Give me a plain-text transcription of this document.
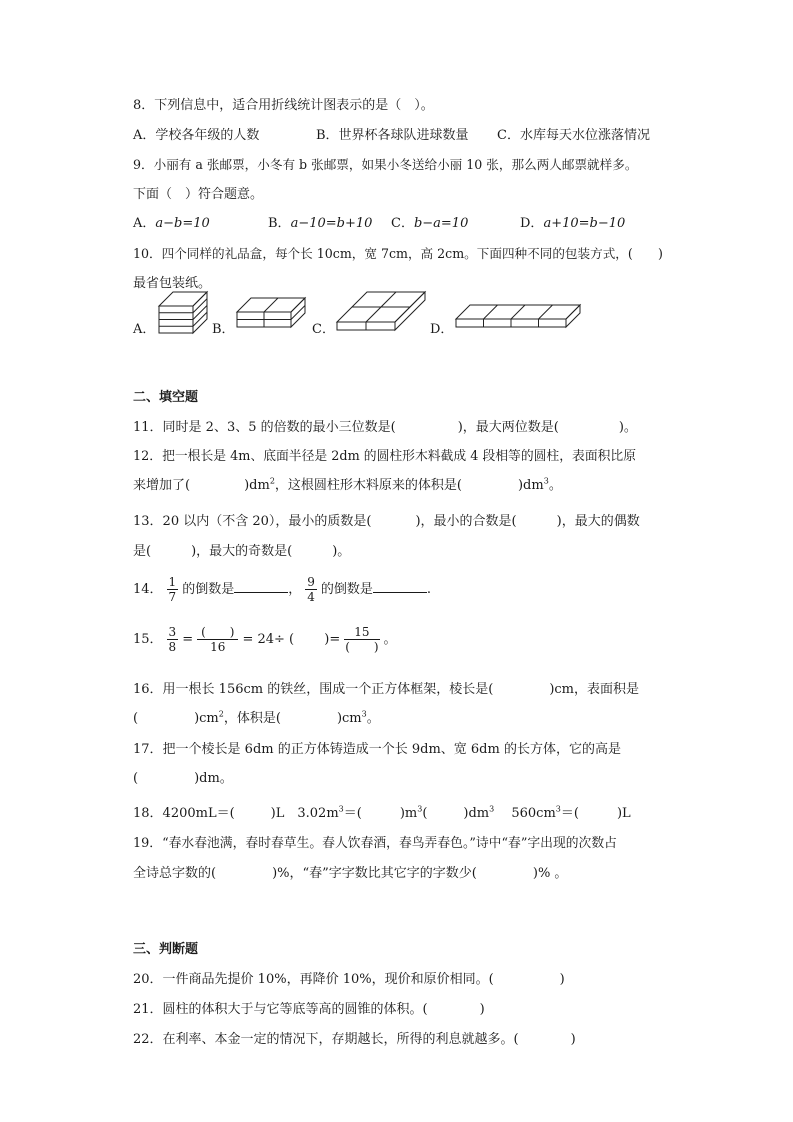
8．下列信息中，适合用折线统计图表示的是（　）。
A．学校各年级的人数	B．世界杯各球队进球数量 C．水库每天水位涨落情况
9．小丽有 a 张邮票，小冬有 b 张邮票，如果小冬送给小丽 10 张，那么两人邮票就样多。
下面（　）符合题意。
A．a−b=10	B．a−10=b+10 C．b−a=10	D．a+10=b−10
10．四个同样的礼品盒，每个长 10cm，宽 7cm，高 2cm。下面四种不同的包装方式，(　　)
最省包装纸。
A．	B．	C．	D．
二、填空题
11．同时是 2、3、5 的倍数的最小三位数是(	)，最大两位数是(	)。
12．把一根长是 4m、底面半径是 2dm 的圆柱形木料截成 4 段相等的圆柱，表面积比原
来增加了(	)$dm^2$，这根圆柱形木料原来的体积是(	)$dm^3$。
13．20 以内（不含 20），最小的质数是(	)，最小的合数是(	)，最大的偶数
是(	)，最大的奇数是(	)。
14． $\frac{1}{7}$ 的倒数是	， $\frac{9}{4}$ 的倒数是	.
15． $\frac{3}{8} = \frac{( )}{16} = 24\div$ (　　 )= $\frac{15}{( )}$ 。
16．用一根长 156cm 的铁丝，围成一个正方体框架，棱长是(	)cm，表面积是
(	)$cm^2$，体积是(	)$cm^3$。
17．把一个棱长是 6dm 的正方体铸造成一个长 9dm、宽 6dm 的长方体，它的高是
(	)dm。
18．4200mL＝(	)L　$3.02m^3=$(	)$m^3$(	)$dm^3$　 $560cm^3=$(	)L
19．“春水春池满，春时春草生。春人饮春酒，春鸟弄春色。”诗中“春”字出现的次数占
全诗总字数的(	)%，“春”字字数比其它字的字数少(	)% 。
三、判断题
20．一件商品先提价 10%，再降价 10%，现价和原价相同。(	)
21．圆柱的体积大于与它等底等高的圆锥的体积。(	)
22．在利率、本金一定的情况下，存期越长，所得的利息就越多。(	)
